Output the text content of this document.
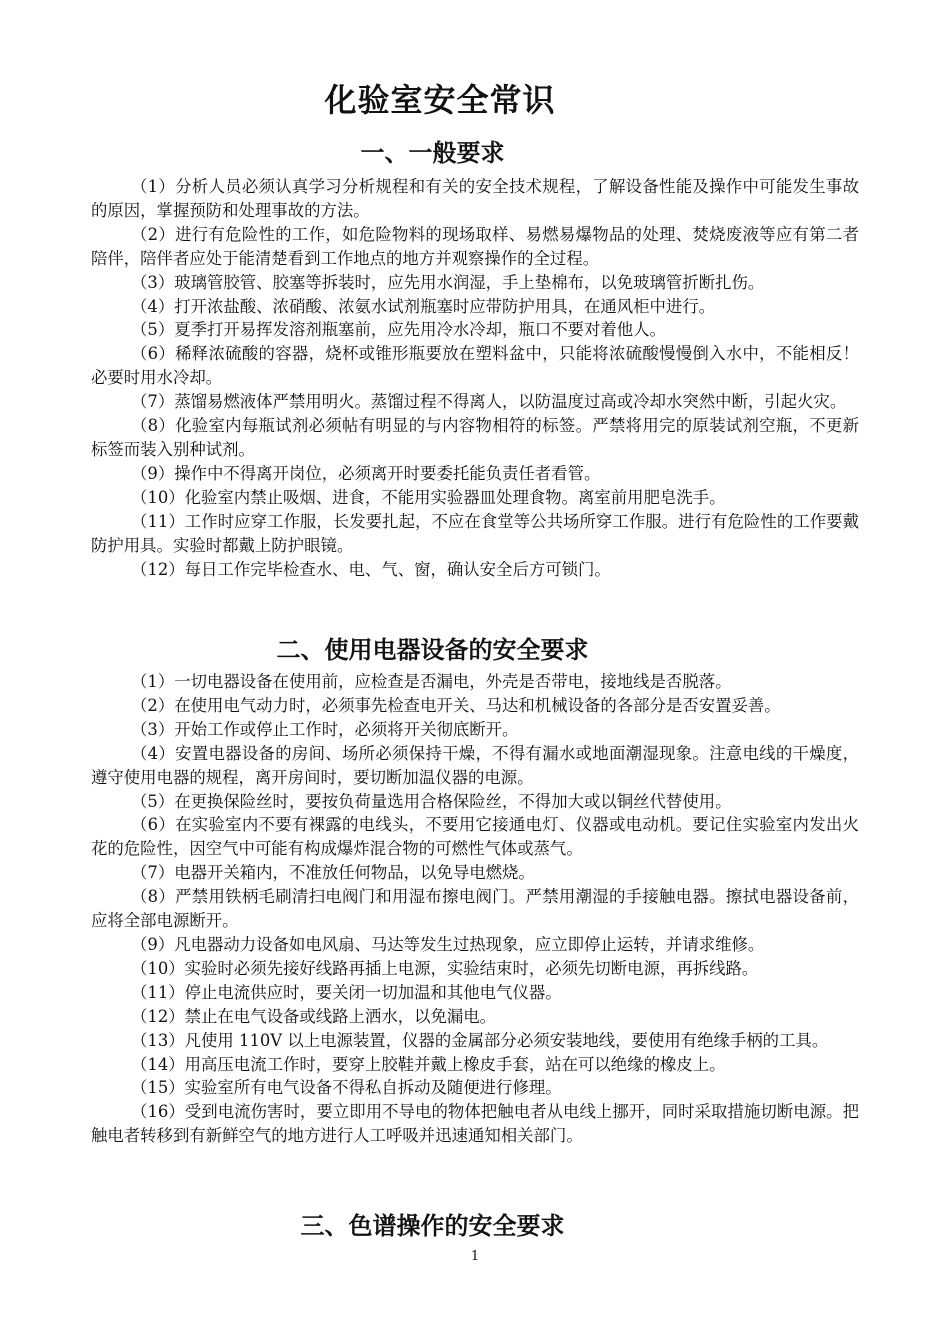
化验室安全常识
一、一般要求

（1）分析人员必须认真学习分析规程和有关的安全技术规程，了解设备性能及操作中可能发生事故的原因，掌握预防和处理事故的方法。

（2）进行有危险性的工作，如危险物料的现场取样、易燃易爆物品的处理、焚烧废液等应有第二者陪伴，陪伴者应处于能清楚看到工作地点的地方并观察操作的全过程。

（3）玻璃管胶管、胶塞等拆装时，应先用水润湿，手上垫棉布，以免玻璃管折断扎伤。

（4）打开浓盐酸、浓硝酸、浓氨水试剂瓶塞时应带防护用具，在通风柜中进行。

（5）夏季打开易挥发溶剂瓶塞前，应先用冷水冷却，瓶口不要对着他人。

（6）稀释浓硫酸的容器，烧杯或锥形瓶要放在塑料盆中，只能将浓硫酸慢慢倒入水中，不能相反！必要时用水冷却。

（7）蒸馏易燃液体严禁用明火。蒸馏过程不得离人，以防温度过高或冷却水突然中断，引起火灾。

（8）化验室内每瓶试剂必须帖有明显的与内容物相符的标签。严禁将用完的原装试剂空瓶，不更新标签而装入别种试剂。

（9）操作中不得离开岗位，必须离开时要委托能负责任者看管。

（10）化验室内禁止吸烟、进食，不能用实验器皿处理食物。离室前用肥皂洗手。

（11）工作时应穿工作服，长发要扎起，不应在食堂等公共场所穿工作服。进行有危险性的工作要戴防护用具。实验时都戴上防护眼镜。

（12）每日工作完毕检查水、电、气、窗，确认安全后方可锁门。

二、使用电器设备的安全要求

（1）一切电器设备在使用前，应检查是否漏电，外壳是否带电，接地线是否脱落。

（2）在使用电气动力时，必须事先检查电开关、马达和机械设备的各部分是否安置妥善。

（3）开始工作或停止工作时，必须将开关彻底断开。

（4）安置电器设备的房间、场所必须保持干燥，不得有漏水或地面潮湿现象。注意电线的干燥度，遵守使用电器的规程，离开房间时，要切断加温仪器的电源。

（5）在更换保险丝时，要按负荷量选用合格保险丝，不得加大或以铜丝代替使用。

（6）在实验室内不要有裸露的电线头，不要用它接通电灯、仪器或电动机。要记住实验室内发出火花的危险性，因空气中可能有构成爆炸混合物的可燃性气体或蒸气。

（7）电器开关箱内，不准放任何物品，以免导电燃烧。

（8）严禁用铁柄毛刷清扫电阀门和用湿布擦电阀门。严禁用潮湿的手接触电器。擦拭电器设备前，应将全部电源断开。

（9）凡电器动力设备如电风扇、马达等发生过热现象，应立即停止运转，并请求维修。

（10）实验时必须先接好线路再插上电源，实验结束时，必须先切断电源，再拆线路。

（11）停止电流供应时，要关闭一切加温和其他电气仪器。

（12）禁止在电气设备或线路上洒水，以免漏电。

（13）凡使用 110V 以上电源装置，仪器的金属部分必须安装地线，要使用有绝缘手柄的工具。

（14）用高压电流工作时，要穿上胶鞋并戴上橡皮手套，站在可以绝缘的橡皮上。

（15）实验室所有电气设备不得私自拆动及随便进行修理。

（16）受到电流伤害时，要立即用不导电的物体把触电者从电线上挪开，同时采取措施切断电源。把触电者转移到有新鲜空气的地方进行人工呼吸并迅速通知相关部门。

三、色谱操作的安全要求
1
